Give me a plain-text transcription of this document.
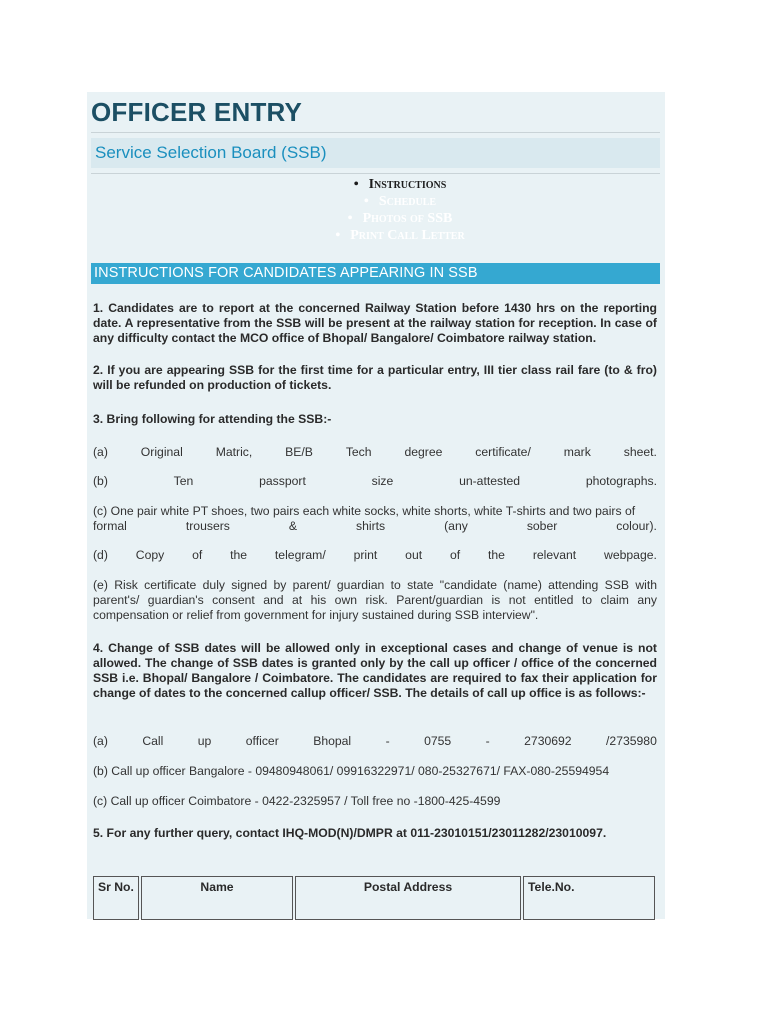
OFFICER ENTRY
Service Selection Board (SSB)
• Instructions
• Schedule
• Photos of SSB
• Print Call Letter
INSTRUCTIONS FOR CANDIDATES APPEARING IN SSB
1. Candidates are to report at the concerned Railway Station before 1430 hrs on the reporting date. A representative from the SSB will be present at the railway station for reception. In case of any difficulty contact the MCO office of Bhopal/ Bangalore/ Coimbatore railway station.
2. If you are appearing SSB for the first time for a particular entry, III tier class rail fare (to & fro) will be refunded on production of tickets.
3. Bring following for attending the SSB:-
(a)	Original	Matric,	BE/B	Tech	degree	certificate/	mark	sheet.
(b)	Ten	passport	size	un-attested	photographs.
(c) One pair white PT shoes, two pairs each white socks, white shorts, white T-shirts and two pairs of
formal	trousers	&	shirts	(any	sober	colour).
(d) Copy of the telegram/ print out of the relevant webpage.
(e) Risk certificate duly signed by parent/ guardian to state "candidate (name) attending SSB with parent's/ guardian's consent and at his own risk. Parent/guardian is not entitled to claim any compensation or relief from government for injury sustained during SSB interview".
4. Change of SSB dates will be allowed only in exceptional cases and change of venue is not allowed. The change of SSB dates is granted only by the call up officer / office of the concerned SSB i.e. Bhopal/ Bangalore / Coimbatore. The candidates are required to fax their application for change of dates to the concerned callup officer/ SSB. The details of call up office is as follows:-
(a)	Call	up	officer	Bhopal	-	0755	-	2730692	/2735980
(b) Call up officer Bangalore - 09480948061/ 09916322971/ 080-25327671/ FAX-080-25594954
(c) Call up officer Coimbatore - 0422-2325957 / Toll free no -1800-425-4599
5. For any further query, contact IHQ-MOD(N)/DMPR at 011-23010151/23011282/23010097.
Sr No.	Name	Postal Address	Tele.No.
